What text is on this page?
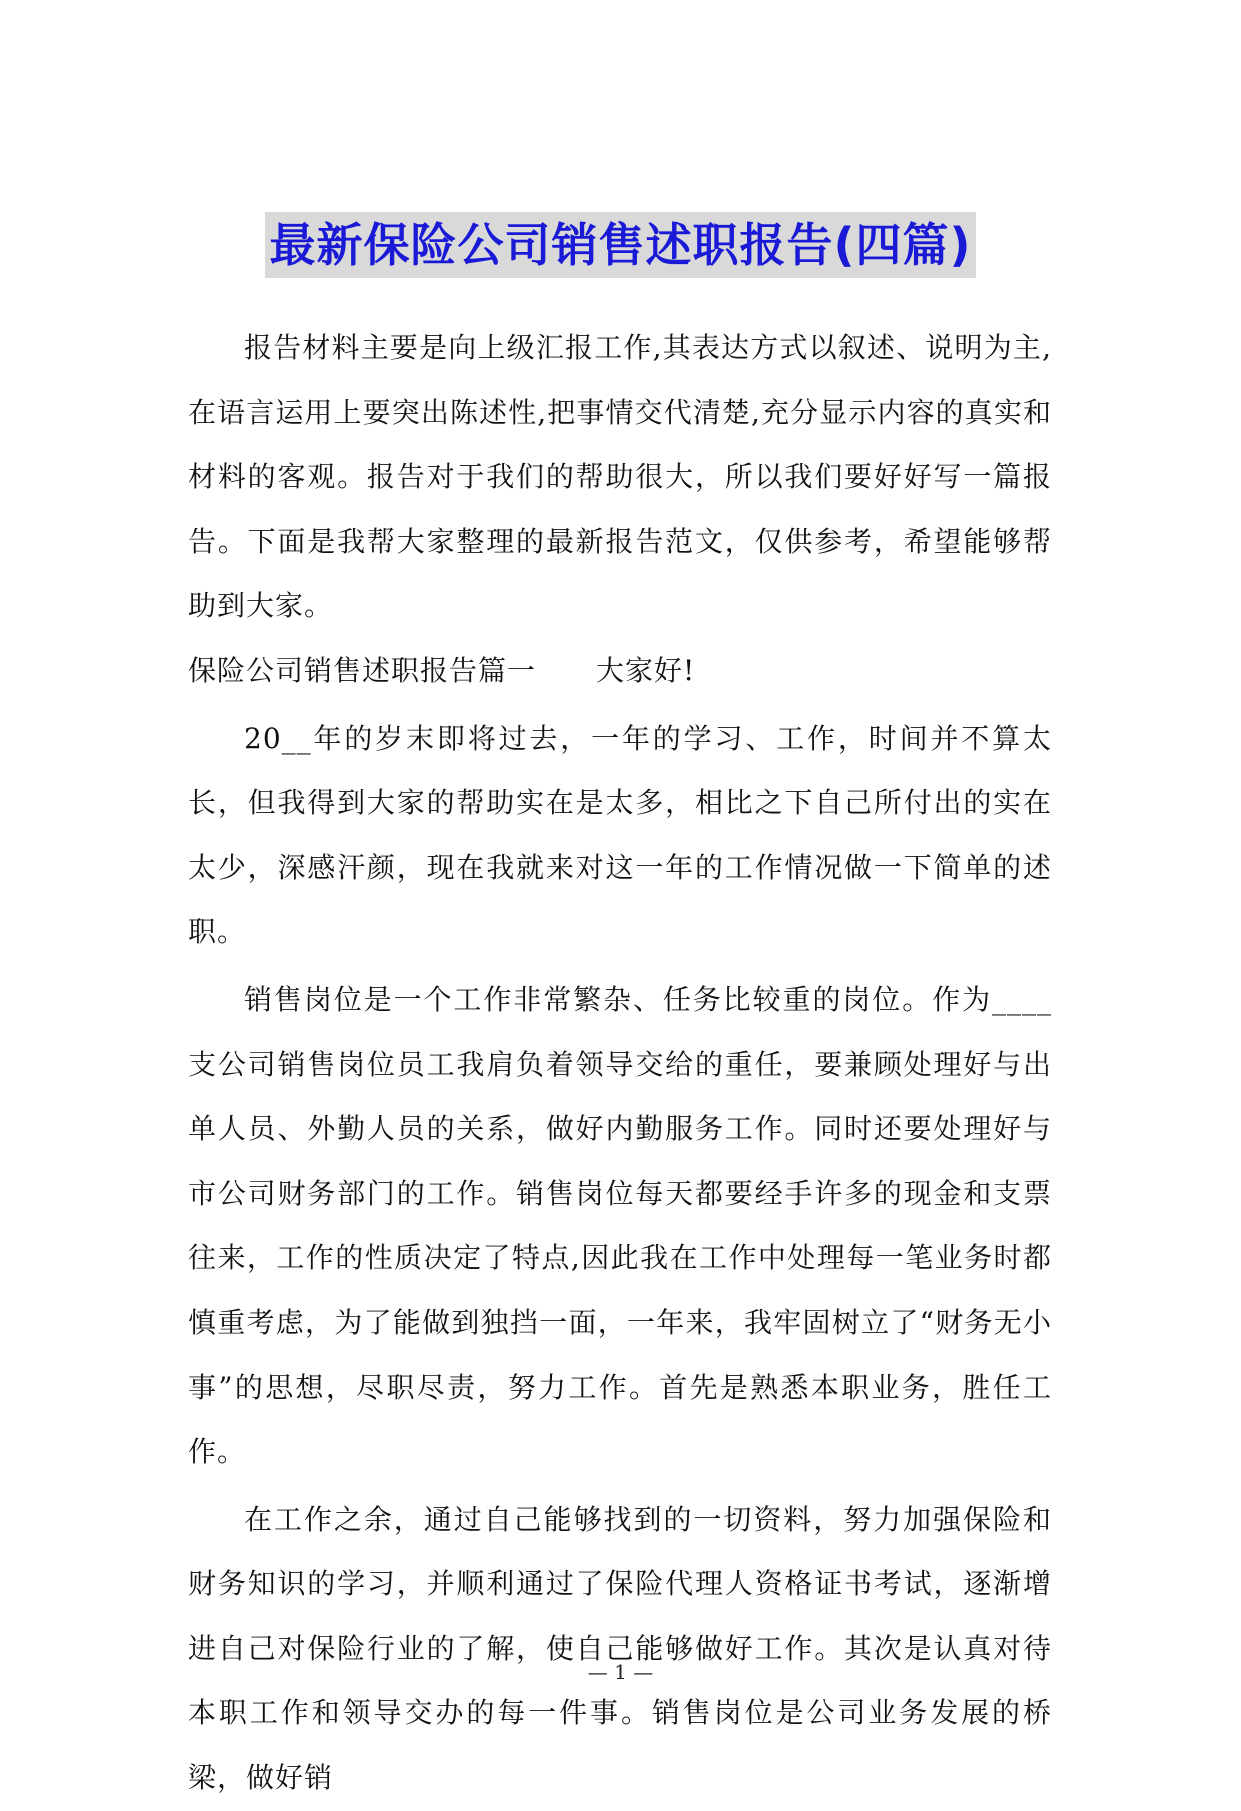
最新保险公司销售述职报告(四篇)

报告材料主要是向上级汇报工作,其表达方式以叙述、说明为主,在语言运用上要突出陈述性,把事情交代清楚,充分显示内容的真实和材料的客观。报告对于我们的帮助很大，所以我们要好好写一篇报告。下面是我帮大家整理的最新报告范文，仅供参考，希望能够帮助到大家。

保险公司销售述职报告篇一 大家好!

20__年的岁末即将过去，一年的学习、工作，时间并不算太长，但我得到大家的帮助实在是太多，相比之下自己所付出的实在太少，深感汗颜，现在我就来对这一年的工作情况做一下简单的述职。

销售岗位是一个工作非常繁杂、任务比较重的岗位。作为____支公司销售岗位员工我肩负着领导交给的重任，要兼顾处理好与出单人员、外勤人员的关系，做好内勤服务工作。同时还要处理好与市公司财务部门的工作。销售岗位每天都要经手许多的现金和支票往来，工作的性质决定了特点,因此我在工作中处理每一笔业务时都慎重考虑，为了能做到独挡一面，一年来，我牢固树立了“财务无小事”的思想，尽职尽责，努力工作。首先是熟悉本职业务，胜任工作。

在工作之余，通过自己能够找到的一切资料，努力加强保险和财务知识的学习，并顺利通过了保险代理人资格证书考试，逐渐增进自己对保险行业的了解，使自己能够做好工作。其次是认真对待本职工作和领导交办的每一件事。销售岗位是公司业务发展的桥梁，做好销

— 1 —
